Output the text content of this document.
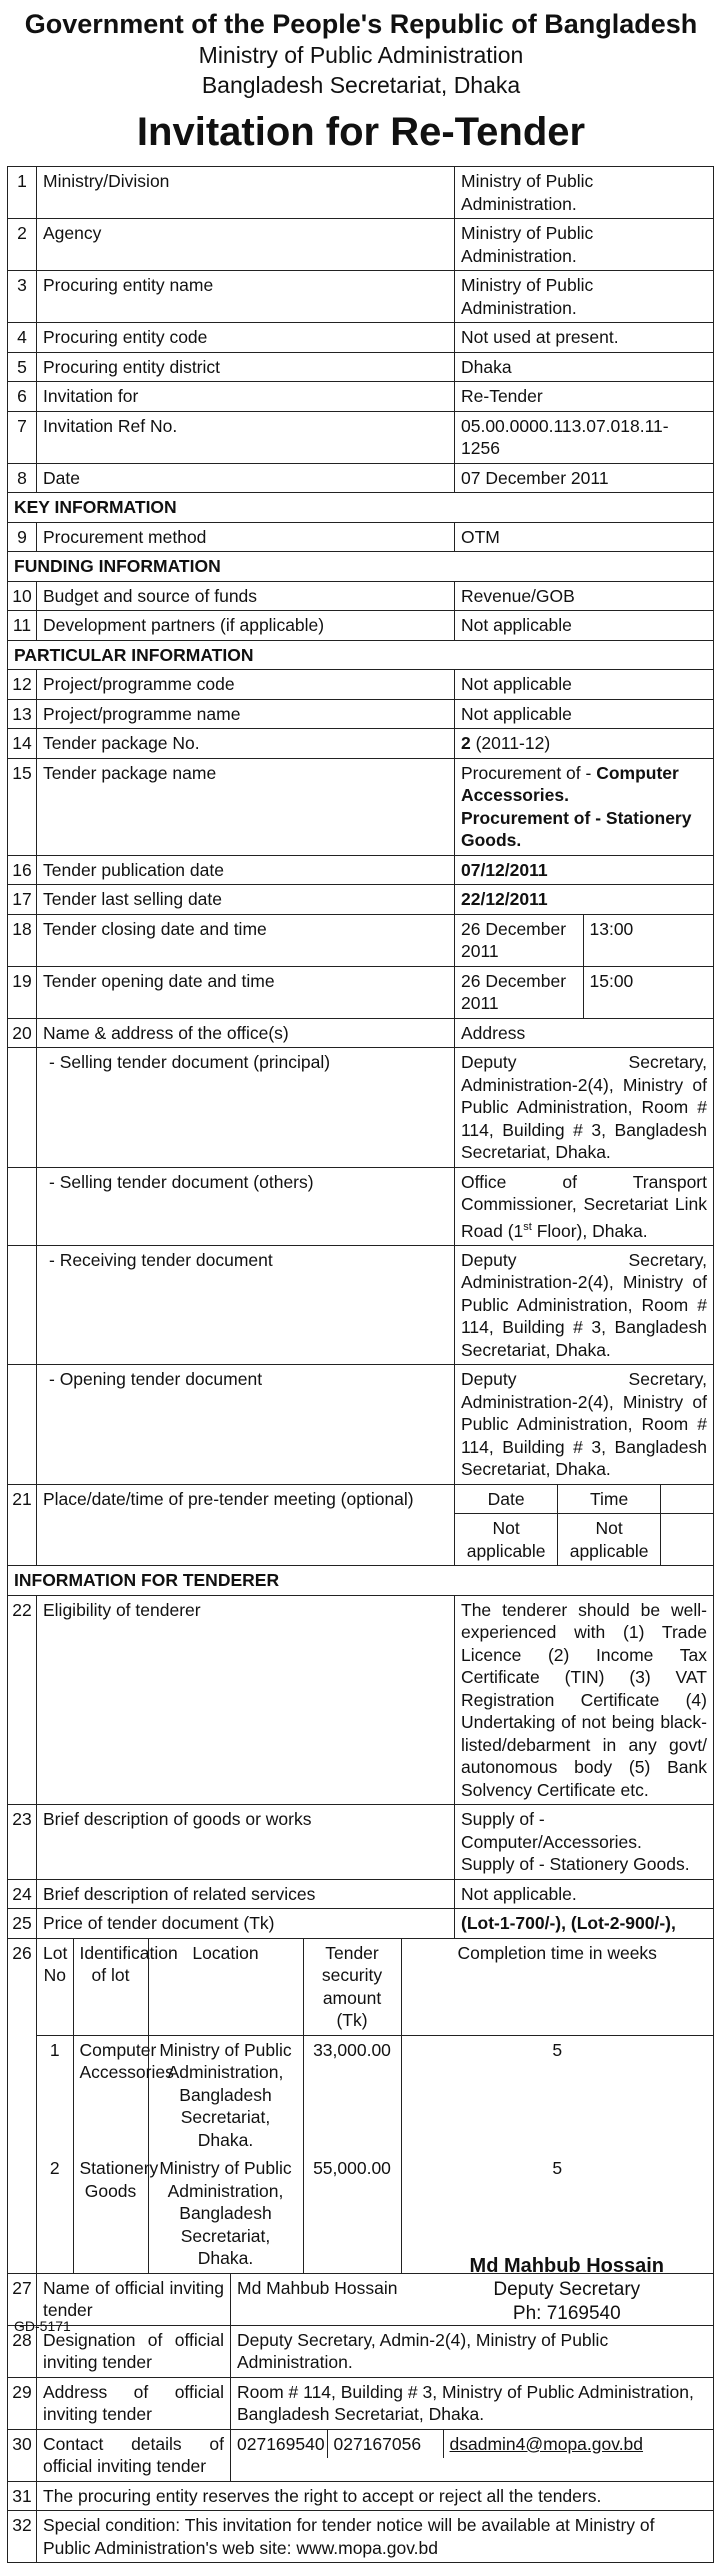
Government of the People's Republic of Bangladesh
Ministry of Public Administration
Bangladesh Secretariat, Dhaka
Invitation for Re-Tender
1	Ministry/Division	Ministry of Public Administration.
2	Agency	Ministry of Public Administration.
3	Procuring entity name	Ministry of Public Administration.
4	Procuring entity code	Not used at present.
5	Procuring entity district	Dhaka
6	Invitation for	Re-Tender
7	Invitation Ref No.	05.00.0000.113.07.018.11-1256
8	Date	07 December 2011
KEY INFORMATION
9	Procurement method	OTM
FUNDING INFORMATION
10	Budget and source of funds	Revenue/GOB
11	Development partners (if applicable)	Not applicable
PARTICULAR INFORMATION
12	Project/programme code	Not applicable
13	Project/programme name	Not applicable
14	Tender package No.	2 (2011-12)
15	Tender package name	Procurement of - Computer Accessories.
Procurement of - Stationery Goods.
16	Tender publication date	07/12/2011
17	Tender last selling date	22/12/2011
18	Tender closing date and time		26 December 2011	13:00

19	Tender opening date and time		26 December 2011	15:00

20	Name & address of the office(s)	Address
	- Selling tender document (principal)	Deputy Secretary, Administration-2(4), Ministry of Public Administration, Room # 114, Building # 3, Bangladesh Secretariat, Dhaka.
	- Selling tender document (others)	Office of Transport Commissioner, Secretariat Link Road (1st Floor), Dhaka.
	- Receiving tender document	Deputy Secretary, Administration-2(4), Ministry of Public Administration, Room # 114, Building # 3, Bangladesh Secretariat, Dhaka.
	- Opening tender document	Deputy Secretary, Administration-2(4), Ministry of Public Administration, Room # 114, Building # 3, Bangladesh Secretariat, Dhaka.
21	Place/date/time of pre-tender meeting (optional)		Date	Time	
Not applicable	Not applicable	

INFORMATION FOR TENDERER
22	Eligibility of tenderer	The tenderer should be well-experienced with (1) Trade Licence (2) Income Tax Certificate (TIN) (3) VAT Registration Certificate (4) Undertaking of not being black-listed/debarment in any govt/ autonomous body (5) Bank Solvency Certificate etc.
23	Brief description of goods or works	Supply of - Computer/Accessories.
Supply of - Stationery Goods.
24	Brief description of related services	Not applicable.
25	Price of tender document (Tk)	(Lot-1-700/-), (Lot-2-900/-),
26	Lot No	Identification of lot	Location	Tender security amount (Tk)	Completion time in weeks
1	Computer Accessories	Ministry of Public Administration, Bangladesh Secretariat, Dhaka.	33,000.00	5
2	Stationery Goods	Ministry of Public Administration, Bangladesh Secretariat, Dhaka.	55,000.00	5

27	Name of official inviting tender	Md Mahbub Hossain
28	Designation of official inviting tender	Deputy Secretary, Admin-2(4), Ministry of Public Administration.
29	Address of official inviting tender	Room # 114, Building # 3, Ministry of Public Administration, Bangladesh Secretariat, Dhaka.
30	Contact details of official inviting tender	
027169540	027167056	dsadmin4@mopa.gov.bd

31	The procuring entity reserves the right to accept or reject all the tenders.
32	Special condition: This invitation for tender notice will be available at Ministry of Public Administration's web site: www.mopa.gov.bd
Md Mahbub Hossain
Deputy Secretary
Ph: 7169540
GD-5171
